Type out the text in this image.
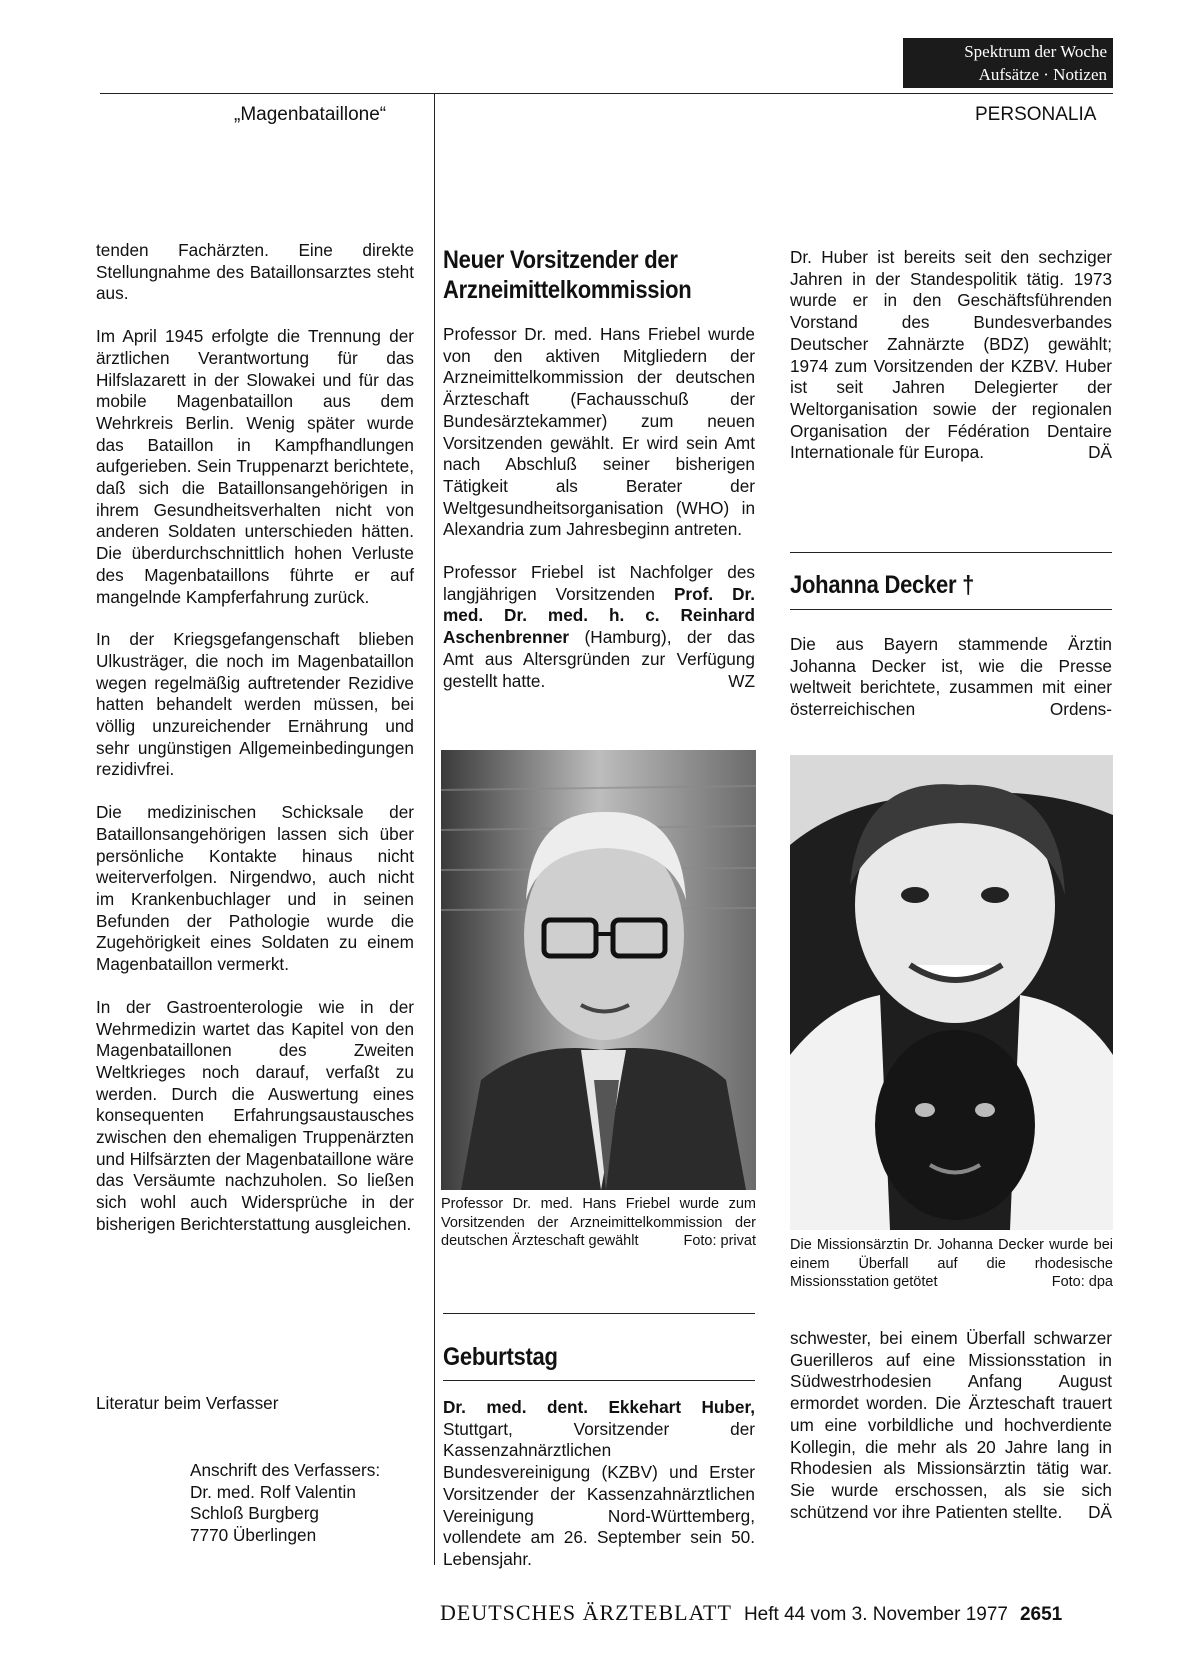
Spektrum der Woche
Aufsätze · Notizen
„Magenbataillone“	PERSONALIA

tenden Fachärzten. Eine direkte Stellungnahme des Bataillonsarztes steht aus.

Im April 1945 erfolgte die Trennung der ärztlichen Verantwortung für das Hilfslazarett in der Slowakei und für das mobile Magenbataillon aus dem Wehrkreis Berlin. Wenig später wurde das Bataillon in Kampfhandlungen aufgerieben. Sein Truppenarzt berichtete, daß sich die Bataillonsangehörigen in ihrem Gesundheitsverhalten nicht von anderen Soldaten unterschieden hätten. Die überdurchschnittlich hohen Verluste des Magenbataillons führte er auf mangelnde Kampferfahrung zurück.

In der Kriegsgefangenschaft blieben Ulkusträger, die noch im Magenbataillon wegen regelmäßig auftretender Rezidive hatten behandelt werden müssen, bei völlig unzureichender Ernährung und sehr ungünstigen Allgemeinbedingungen rezidivfrei.

Die medizinischen Schicksale der Bataillonsangehörigen lassen sich über persönliche Kontakte hinaus nicht weiterverfolgen. Nirgendwo, auch nicht im Krankenbuchlager und in seinen Befunden der Pathologie wurde die Zugehörigkeit eines Soldaten zu einem Magenbataillon vermerkt.

In der Gastroenterologie wie in der Wehrmedizin wartet das Kapitel von den Magenbataillonen des Zweiten Weltkrieges noch darauf, verfaßt zu werden. Durch die Auswertung eines konsequenten Erfahrungsaustausches zwischen den ehemaligen Truppenärzten und Hilfsärzten der Magenbataillone wäre das Versäumte nachzuholen. So ließen sich wohl auch Widersprüche in der bisherigen Berichterstattung ausgleichen.

Literatur beim Verfasser
Anschrift des Verfassers:
Dr. med. Rolf Valentin
Schloß Burgberg
7770 Überlingen
Neuer Vorsitzender der Arzneimittelkommission

Professor Dr. med. Hans Friebel wurde von den aktiven Mitgliedern der Arzneimittelkommission der deutschen Ärzteschaft (Fachausschuß der Bundesärztekammer) zum neuen Vorsitzenden gewählt. Er wird sein Amt nach Abschluß seiner bisherigen Tätigkeit als Berater der Weltgesundheitsorganisation (WHO) in Alexandria zum Jahresbeginn antreten.

Professor Friebel ist Nachfolger des langjährigen Vorsitzenden Prof. Dr. med. Dr. med. h. c. Reinhard Aschenbrenner (Hamburg), der das Amt aus Altersgründen zur Verfügung gestellt hatte.	WZ

Professor Dr. med. Hans Friebel wurde zum Vorsitzenden der Arzneimittelkommission der deutschen Ärzteschaft gewählt	Foto: privat

Geburtstag

Dr. med. dent. Ekkehart Huber, Stuttgart, Vorsitzender der Kassenzahnärztlichen Bundesvereinigung (KZBV) und Erster Vorsitzender der Kassenzahnärztlichen Vereinigung Nord-Württemberg, vollendete am 26. September sein 50. Lebensjahr.

Dr. Huber ist bereits seit den sechziger Jahren in der Standespolitik tätig. 1973 wurde er in den Geschäftsführenden Vorstand des Bundesverbandes Deutscher Zahnärzte (BDZ) gewählt; 1974 zum Vorsitzenden der KZBV. Huber ist seit Jahren Delegierter der Weltorganisation sowie der regionalen Organisation der Fédération Dentaire Internationale für Europa.	DÄ

Johanna Decker †

Die aus Bayern stammende Ärztin Johanna Decker ist, wie die Presse weltweit berichtete, zusammen mit einer österreichischen Ordens-

Die Missionsärztin Dr. Johanna Decker wurde bei einem Überfall auf die rhodesische Missionsstation getötet	Foto: dpa

schwester, bei einem Überfall schwarzer Guerilleros auf eine Missionsstation in Südwestrhodesien Anfang August ermordet worden. Die Ärzteschaft trauert um eine vorbildliche und hochverdiente Kollegin, die mehr als 20 Jahre lang in Rhodesien als Missionsärztin tätig war. Sie wurde erschossen, als sie sich schützend vor ihre Patienten stellte. DÄ

DEUTSCHES ÄRZTEBLATT Heft 44 vom 3. November 1977 2651
